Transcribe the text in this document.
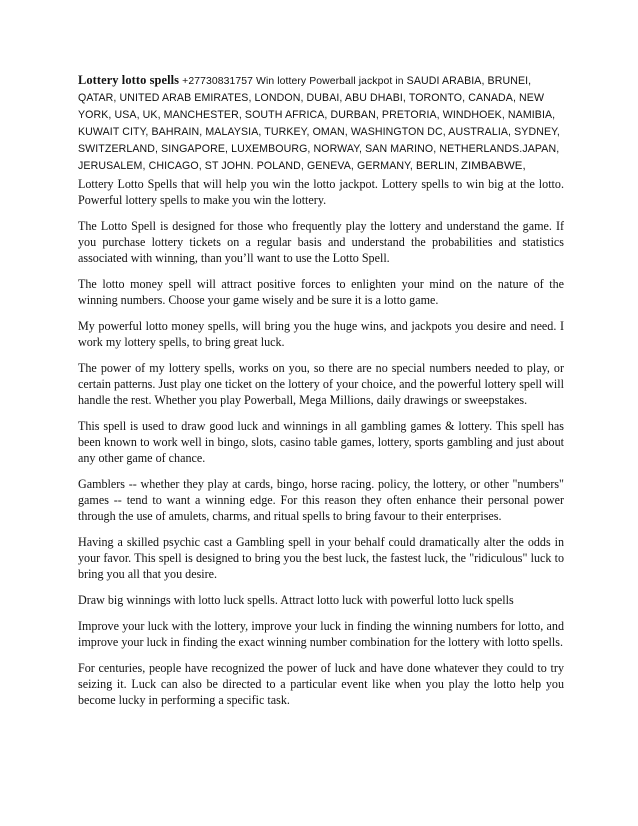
Lottery lotto spells +27730831757 Win lottery Powerball jackpot in SAUDI ARABIA, BRUNEI, QATAR, UNITED ARAB EMIRATES, LONDON, DUBAI, ABU DHABI, TORONTO, CANADA, NEW YORK, USA, UK, MANCHESTER, SOUTH AFRICA, DURBAN, PRETORIA, WINDHOEK, NAMIBIA, KUWAIT CITY, BAHRAIN, MALAYSIA, TURKEY, OMAN, WASHINGTON DC, AUSTRALIA, SYDNEY, SWITZERLAND, SINGAPORE, LUXEMBOURG, NORWAY, SAN MARINO, NETHERLANDS.JAPAN, JERUSALEM, CHICAGO, ST JOHN. POLAND, GENEVA, GERMANY, BERLIN, ZIMBABWE,

Lottery Lotto Spells that will help you win the lotto jackpot. Lottery spells to win big at the lotto. Powerful lottery spells to make you win the lottery.

The Lotto Spell is designed for those who frequently play the lottery and understand the game. If you purchase lottery tickets on a regular basis and understand the probabilities and statistics associated with winning, than you’ll want to use the Lotto Spell.

The lotto money spell will attract positive forces to enlighten your mind on the nature of the winning numbers. Choose your game wisely and be sure it is a lotto game.

My powerful lotto money spells, will bring you the huge wins, and jackpots you desire and need. I work my lottery spells, to bring great luck.

The power of my lottery spells, works on you, so there are no special numbers needed to play, or certain patterns. Just play one ticket on the lottery of your choice, and the powerful lottery spell will handle the rest. Whether you play Powerball, Mega Millions, daily drawings or sweepstakes.

This spell is used to draw good luck and winnings in all gambling games & lottery. This spell has been known to work well in bingo, slots, casino table games, lottery, sports gambling and just about any other game of chance.

Gamblers -- whether they play at cards, bingo, horse racing. policy, the lottery, or other "numbers" games -- tend to want a winning edge. For this reason they often enhance their personal power through the use of amulets, charms, and ritual spells to bring favour to their enterprises.

Having a skilled psychic cast a Gambling spell in your behalf could dramatically alter the odds in your favor. This spell is designed to bring you the best luck, the fastest luck, the "ridiculous" luck to bring you all that you desire.

Draw big winnings with lotto luck spells. Attract lotto luck with powerful lotto luck spells

Improve your luck with the lottery, improve your luck in finding the winning numbers for lotto, and improve your luck in finding the exact winning number combination for the lottery with lotto spells.

For centuries, people have recognized the power of luck and have done whatever they could to try seizing it. Luck can also be directed to a particular event like when you play the lotto help you become lucky in performing a specific task.
